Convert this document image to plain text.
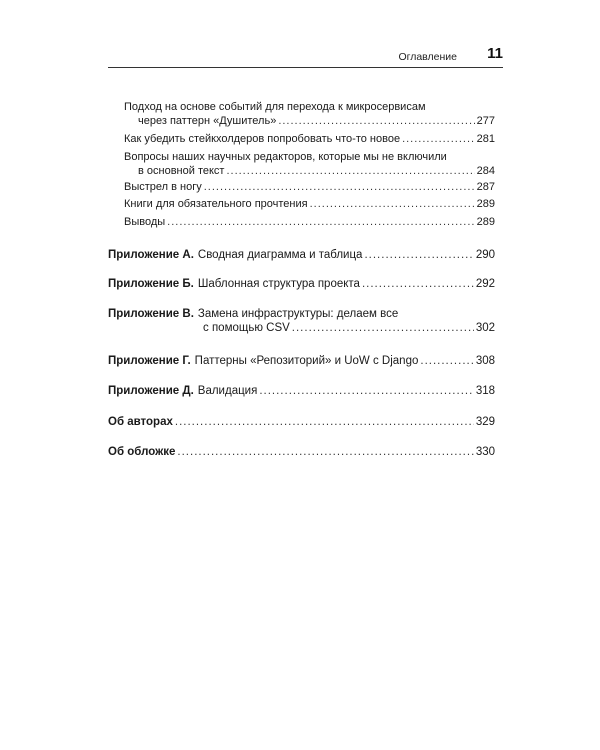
Оглавление 11
Подход на основе событий для перехода к микросервисам
через паттерн «Душитель» .....	277
Как убедить стейкхолдеров попробовать что-то новое .....	281
Вопросы наших научных редакторов, которые мы не включили
в основной текст .....	284
Выстрел в ногу .....	287
Книги для обязательного прочтения .....	289
Выводы .....	289
Приложение А. Сводная диаграмма и таблица .....	290
Приложение Б. Шаблонная структура проекта .....	292
Приложение В. Замена инфраструктуры: делаем все
с помощью CSV .....	302
Приложение Г. Паттерны «Репозиторий» и UoW с Django .....	308
Приложение Д. Валидация .....	318
Об авторах .....	329
Об обложке .....	330
